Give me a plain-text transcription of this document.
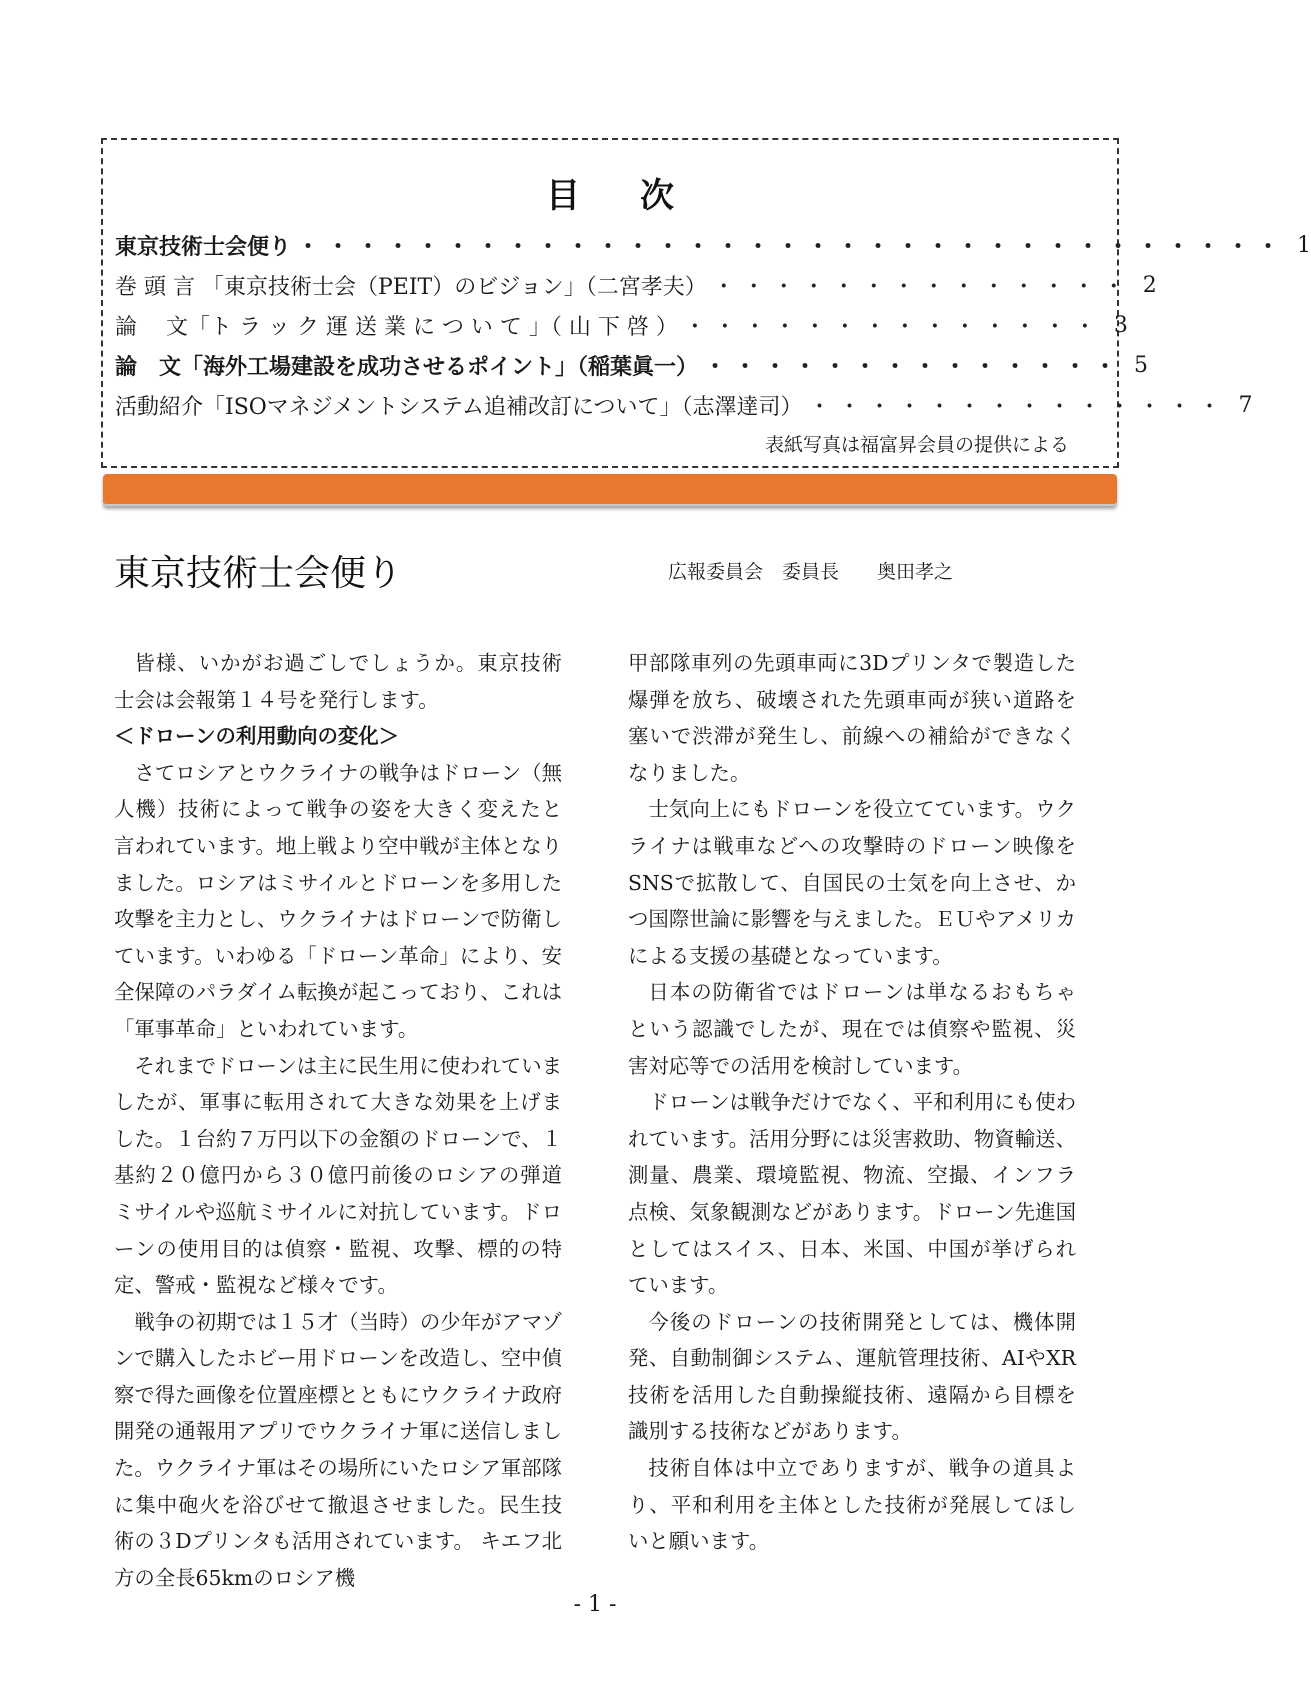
目次
東京技術士会便り ・・・・・・・・・・・・・・・・・・・・・・・・・・・・・・・・・ 1
巻 頭 言 「東京技術士会（PEIT）のビジョン」（二宮孝夫） ・・・・・・・・・・・・・・ 2
論　 文「ト ラ ッ ク 運 送 業 に つ い て 」（ 山 下 啓 ） ・・・・・・・・・・・・・・ 3
論　文「海外工場建設を成功させるポイント」（稲葉眞一） ・・・・・・・・・・・・・・ 5
活動紹介「ISOマネジメントシステム追補改訂について」（志澤達司） ・・・・・・・・・・・・・・ 7
表紙写真は福富昇会員の提供による
東京技術士会便り	広報委員会　委員長　　奥田孝之

皆様、いかがお過ごしでしょうか。東京技術士会は会報第１４号を発行します。

＜ドローンの利用動向の変化＞

さてロシアとウクライナの戦争はドローン（無人機）技術によって戦争の姿を大きく変えたと言われています。地上戦より空中戦が主体となりました。ロシアはミサイルとドローンを多用した攻撃を主力とし、ウクライナはドローンで防衛しています。いわゆる「ドローン革命」により、安全保障のパラダイム転換が起こっており、これは「軍事革命」といわれています。

それまでドローンは主に民生用に使われていましたが、軍事に転用されて大きな効果を上げました。１台約７万円以下の金額のドローンで、１基約２０億円から３０億円前後のロシアの弾道ミサイルや巡航ミサイルに対抗しています。ドローンの使用目的は偵察・監視、攻撃、標的の特定、警戒・監視など様々です。

戦争の初期では１５才（当時）の少年がアマゾンで購入したホビー用ドローンを改造し、空中偵察で得た画像を位置座標とともにウクライナ政府開発の通報用アプリでウクライナ軍に送信しました。ウクライナ軍はその場所にいたロシア軍部隊に集中砲火を浴びせて撤退させました。民生技術の３Dプリンタも活用されています。 キエフ北方の全長65kmのロシア機

甲部隊車列の先頭車両に3Dプリンタで製造した爆弾を放ち、破壊された先頭車両が狭い道路を塞いで渋滞が発生し、前線への補給ができなくなりました。

士気向上にもドローンを役立てています。ウクライナは戦車などへの攻撃時のドローン映像をSNSで拡散して、自国民の士気を向上させ、かつ国際世論に影響を与えました。ＥＵやアメリカによる支援の基礎となっています。

日本の防衛省ではドローンは単なるおもちゃという認識でしたが、現在では偵察や監視、災害対応等での活用を検討しています。

ドローンは戦争だけでなく、平和利用にも使われています。活用分野には災害救助、物資輸送、測量、農業、環境監視、物流、空撮、インフラ点検、気象観測などがあります。ドローン先進国としてはスイス、日本、米国、中国が挙げられています。

今後のドローンの技術開発としては、機体開発、自動制御システム、運航管理技術、AIやXR技術を活用した自動操縦技術、遠隔から目標を識別する技術などがあります。

技術自体は中立でありますが、戦争の道具より、平和利用を主体とした技術が発展してほしいと願います。

- 1 -
